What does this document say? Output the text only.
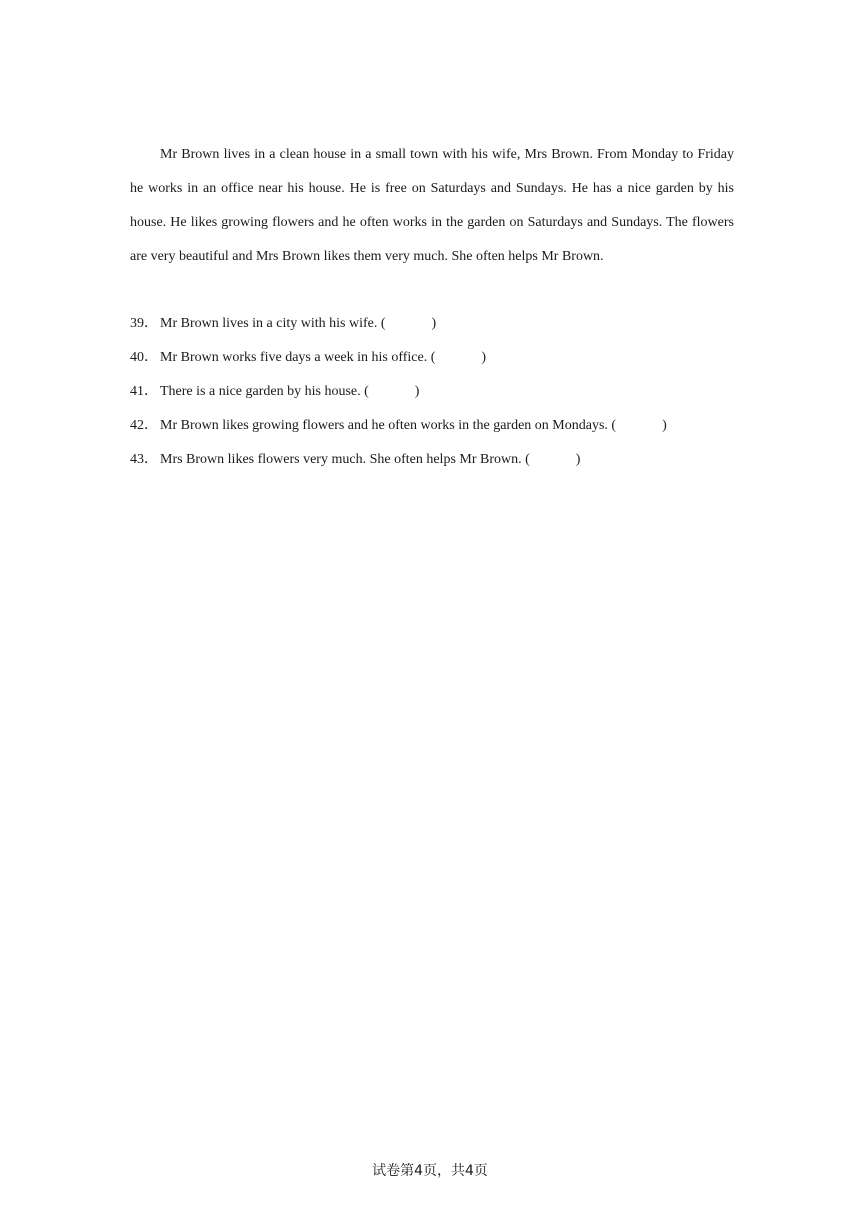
Mr Brown lives in a clean house in a small town with his wife, Mrs Brown. From Monday to Friday he works in an office near his house. He is free on Saturdays and Sundays. He has a nice garden by his house. He likes growing flowers and he often works in the garden on Saturdays and Sundays. The flowers are very beautiful and Mrs Brown likes them very much. She often helps Mr Brown.

39． Mr Brown lives in a city with his wife. (	)
40． Mr Brown works five days a week in his office. (	)
41． There is a nice garden by his house. (	)
42． Mr Brown likes growing flowers and he often works in the garden on Mondays. (	)
43． Mrs Brown likes flowers very much. She often helps Mr Brown. (	)
试卷第4页，共4页
